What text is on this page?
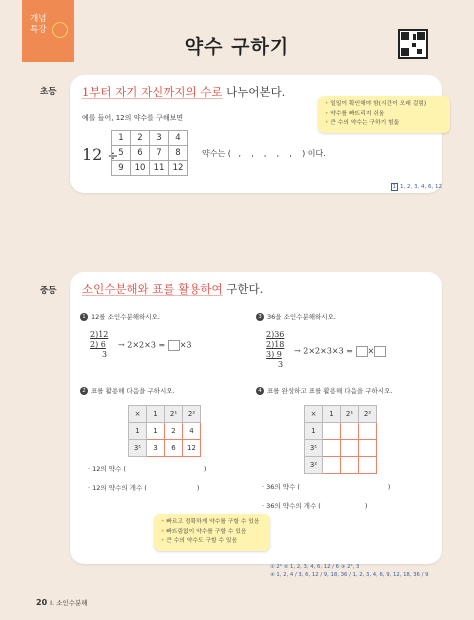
개념
특강
약수 구하기
초등 1부터 자기 자신까지의 수로 나누어본다.
예를 들어, 12의 약수를 구해보면
12 ÷
1	2	3	4
5	6	7	8
9	10	11	12
약수는 (   ,    ,    ,    ,    ,    ) 이다.
1 1, 2, 3, 4, 6, 12
• 일일이 확인해야 함(시간이 오래 걸림)
• 약수를 빠뜨리지 쉬움
• 큰 수의 약수는 구하기 힘듦
중등 소인수분해와 표를 활용하여 구한다.
1 12를 소인수분해하시오.
2)12
2) 6
3
→ 2×2×3 = ×3
3 36을 소인수분해하시오.
2)36
2)18
3) 9
3
→ 2×2×3×3 = ×
2 표를 활용해 다음을 구하시오.
×	1	2¹	2²
1	1	2	4
3¹	3	6	12
· 12의 약수 (	)
· 12의 약수의 개수 (	)
4 표를 완성하고 표를 활용해 다음을 구하시오.
×	1	2¹	2²
1			
3¹			
3²			
· 36의 약수 (	)
· 36의 약수의 개수 (	)
• 빠르고 정확하게 약수를 구할 수 있음
• 빠뜨림없이 약수를 구할 수 있음
• 큰 수의 약수도 구할 수 있음
① 2² ② 1, 2, 3, 4, 6, 12 / 6 ③ 2², 3
④ 1, 2, 4 / 3, 6, 12 / 9, 18, 36 / 1, 2, 3, 4, 6, 9, 12, 18, 36 / 9
20 Ⅰ. 소인수분해
